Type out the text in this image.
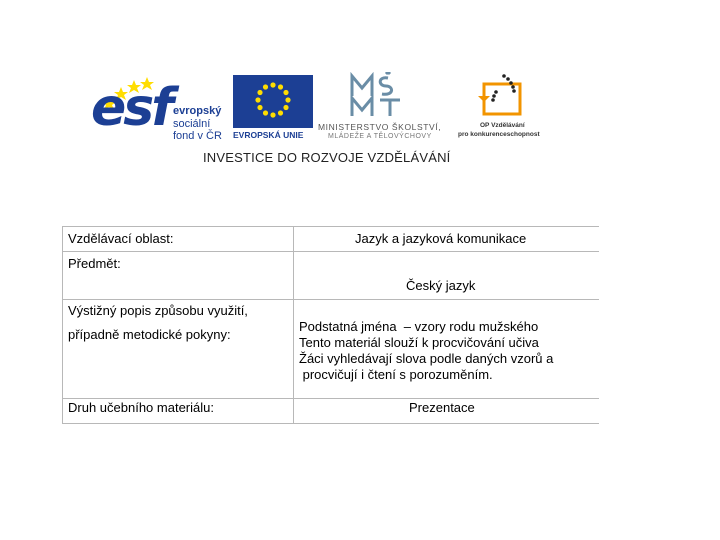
esf evropský
sociální
fond v ČR EVROPSKÁ UNIE
MINISTERSTVO ŠKOLSTVÍ,
MLÁDEŽE A TĚLOVÝCHOVY
OP Vzdělávání
pro konkurenceschopnost
INVESTICE DO ROZVOJE VZDĚLÁVÁNÍ
Vzdělávací oblast:	Jazyk a jazyková komunikace
Předmět:
Český jazyk
Výstižný popis způsobu využití,
případně metodické pokyny:
Podstatná jména  – vzory rodu mužského
Tento materiál slouží k procvičování učiva
Žáci vyhledávají slova podle daných vzorů a
procvičují i čtení s porozuměním.
Druh učebního materiálu:	Prezentace
